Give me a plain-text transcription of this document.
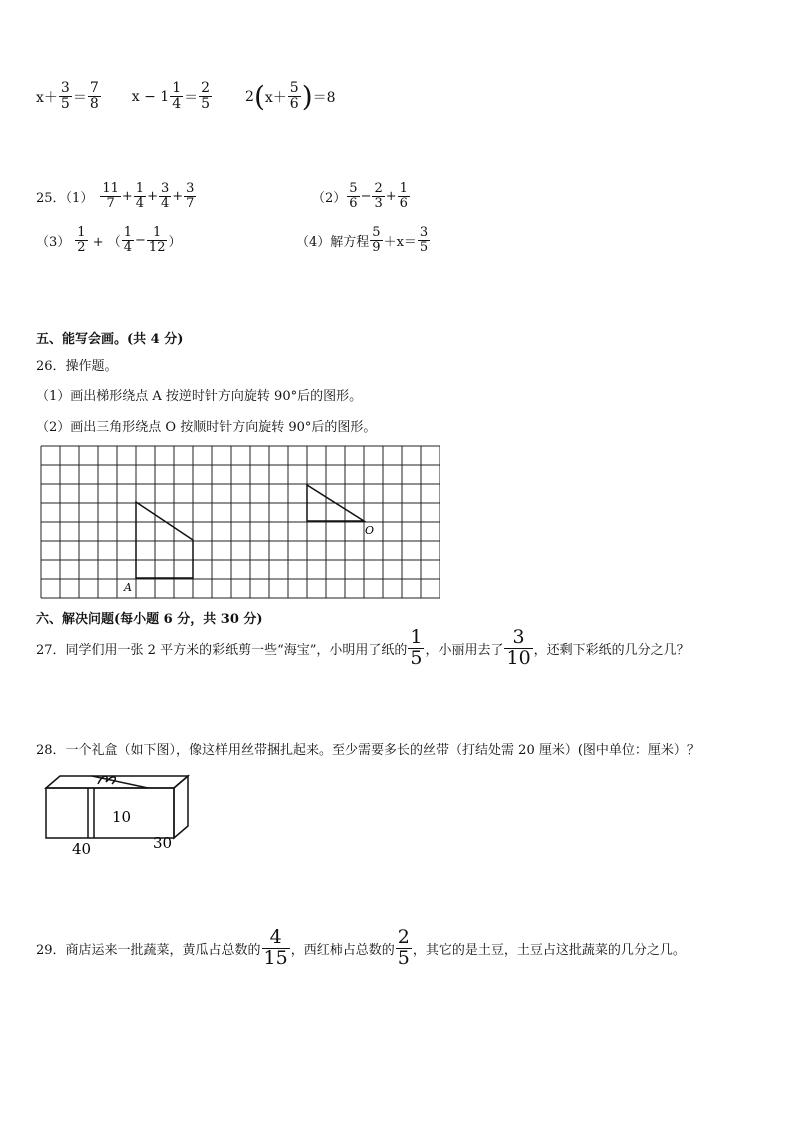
$x+ \frac{3}{5} = \frac{7}{8}$ $x - 1 \frac{1}{4} = \frac{2}{5} 2$ ( $x+ \frac{5}{6}$ ) ＝8
25．$(1) \frac{11}{7} + \frac{1}{4} + \frac{3}{4} + \frac{3}{7}$	$(2) \frac{5}{6} - \frac{2}{3} + \frac{1}{6}$
$(3) \frac{1}{2}$ + （ $\frac{1}{4} - \frac{1}{12}$ ）	（4）解方程 $\frac{5}{9} +x= \frac{3}{5}$
五、能写会画。(共 4 分)
26．操作题。
（1）画出梯形绕点 A 按逆时针方向旋转 90°后的图形。
（2）画出三角形绕点 O 按顺时针方向旋转 90°后的图形。
A
O
六、解决问题(每小题 6 分，共 30 分)
27．同学们用一张 2 平方米的彩纸剪一些“海宝”，小明用了纸的 $\frac{1}{5}$ ，小丽用去了 $\frac{3}{10}$ ，还剩下彩纸的几分之几？
28．一个礼盒（如下图），像这样用丝带捆扎起来。至少需要多长的丝带（打结处需 20 厘米）(图中单位：厘米）？
10
40	30
29．商店运来一批蔬菜，黄瓜占总数的 $\frac{4}{15}$ ，西红柿占总数的 $\frac{2}{5}$ ，其它的是土豆，土豆占这批蔬菜的几分之几。
